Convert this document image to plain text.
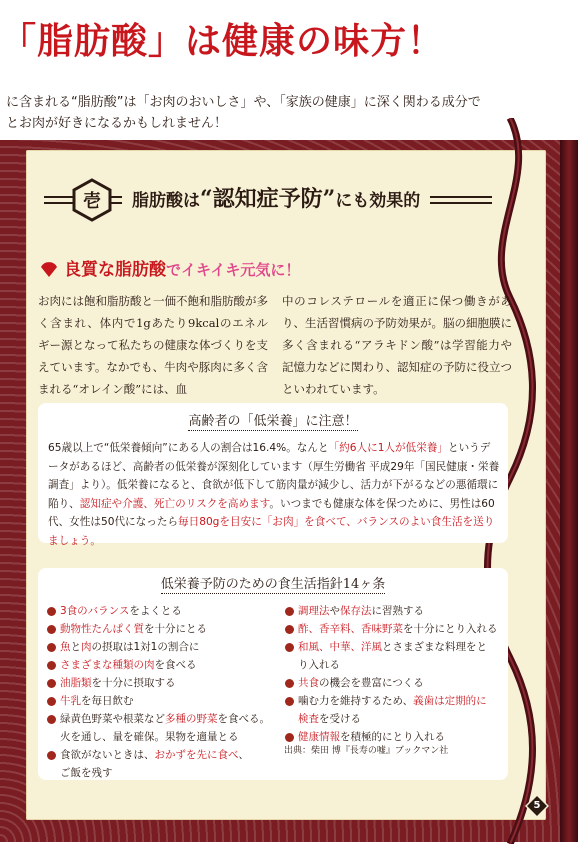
「脂肪酸」は健康の味方！
に含まれる“脂肪酸”は「お肉のおいしさ」や、「家族の健康」に深く関わる成分で
とお肉が好きになるかもしれません！
壱	脂肪酸は“認知症予防”にも効果的
良質な脂肪酸でイキイキ元気に！
お肉には飽和脂肪酸と一価不飽和脂肪酸が多く含まれ、体内で1gあたり9kcalのエネルギー源となって私たちの健康な体づくりを支えています。なかでも、牛肉や豚肉に多く含まれる“オレイン酸”には、血
中のコレステロールを適正に保つ働きがあり、生活習慣病の予防効果が。脳の細胞膜に多く含まれる“アラキドン酸”は学習能力や記憶力などに関わり、認知症の予防に役立つといわれています。
高齢者の「低栄養」に注意！
65歳以上で“低栄養傾向”にある人の割合は16.4%。なんと「約6人に1人が低栄養」というデータがあるほど、高齢者の低栄養が深刻化しています（厚生労働省 平成29年「国民健康・栄養調査」より）。低栄養になると、食欲が低下して筋肉量が減少し、活力が下がるなどの悪循環に陥り、認知症や介護、死亡のリスクを高めます。いつまでも健康な体を保つために、男性は60代、女性は50代になったら毎日80gを目安に「お肉」を食べて、バランスのよい食生活を送りましょう。
低栄養予防のための食生活指針14ヶ条
3食のバランスをよくとる
動物性たんぱく質を十分にとる
魚と肉の摂取は1対1の割合に
さまざまな種類の肉を食べる
油脂類を十分に摂取する
牛乳を毎日飲む
緑黄色野菜や根菜など多種の野菜を食べる。
火を通し、量を確保。果物を適量とる
食欲がないときは、おかずを先に食べ、
ご飯を残す
調理法や保存法に習熟する
酢、香辛料、香味野菜を十分にとり入れる
和風、中華、洋風とさまざまな料理をと
り入れる
共食の機会を豊富につくる
噛む力を維持するため、義歯は定期的に
検査を受ける
健康情報を積極的にとり入れる
出典：柴田 博『長寿の嘘』ブックマン社
5
